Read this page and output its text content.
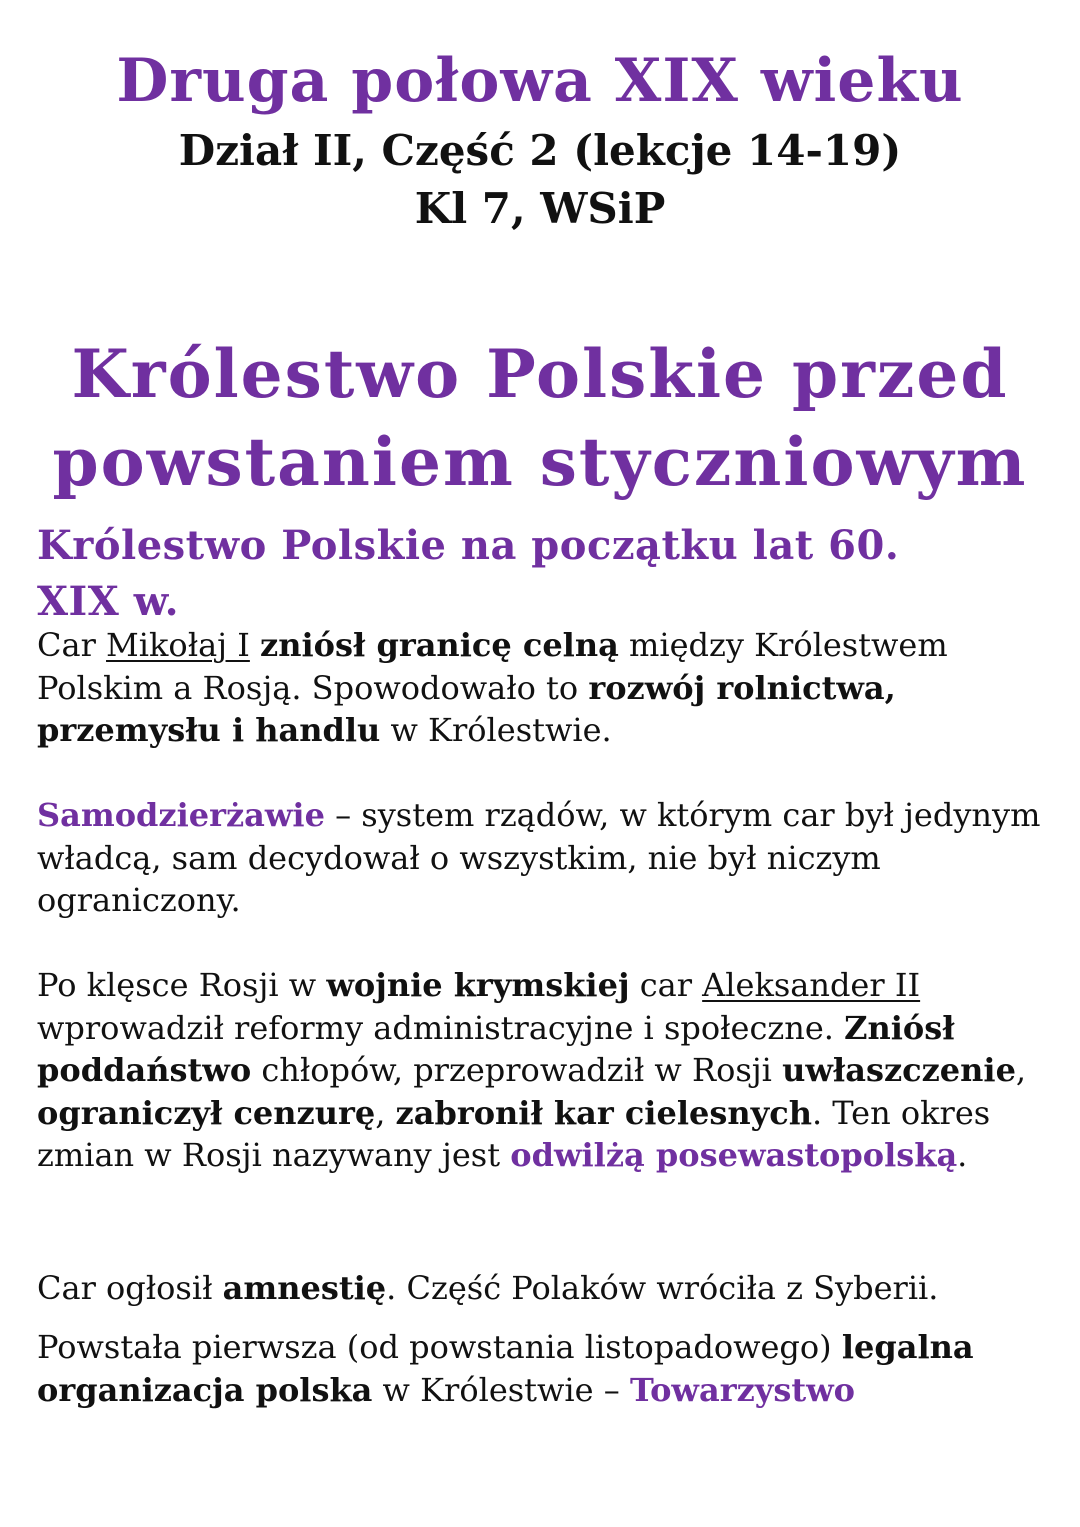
Druga połowa XIX wieku
Dział II, Część 2 (lekcje 14-19)
Kl 7, WSiP
Królestwo Polskie przed
powstaniem styczniowym
Królestwo Polskie na początku lat 60.
XIX w.

Car Mikołaj I zniósł granicę celną między Królestwem Polskim a Rosją. Spowodowało to rozwój rolnictwa, przemysłu i handlu w Królestwie.

Samodzierżawie – system rządów, w którym car był jedynym władcą, sam decydował o wszystkim, nie był niczym ograniczony.

Po klęsce Rosji w wojnie krymskiej car Aleksander II wprowadził reformy administracyjne i społeczne. Zniósł poddaństwo chłopów, przeprowadził w Rosji uwłaszczenie, ograniczył cenzurę, zabronił kar cielesnych. Ten okres zmian w Rosji nazywany jest odwilżą posewastopolską.

Car ogłosił amnestię. Część Polaków wróciła z Syberii.

Powstała pierwsza (od powstania listopadowego) legalna organizacja polska w Królestwie – Towarzystwo
